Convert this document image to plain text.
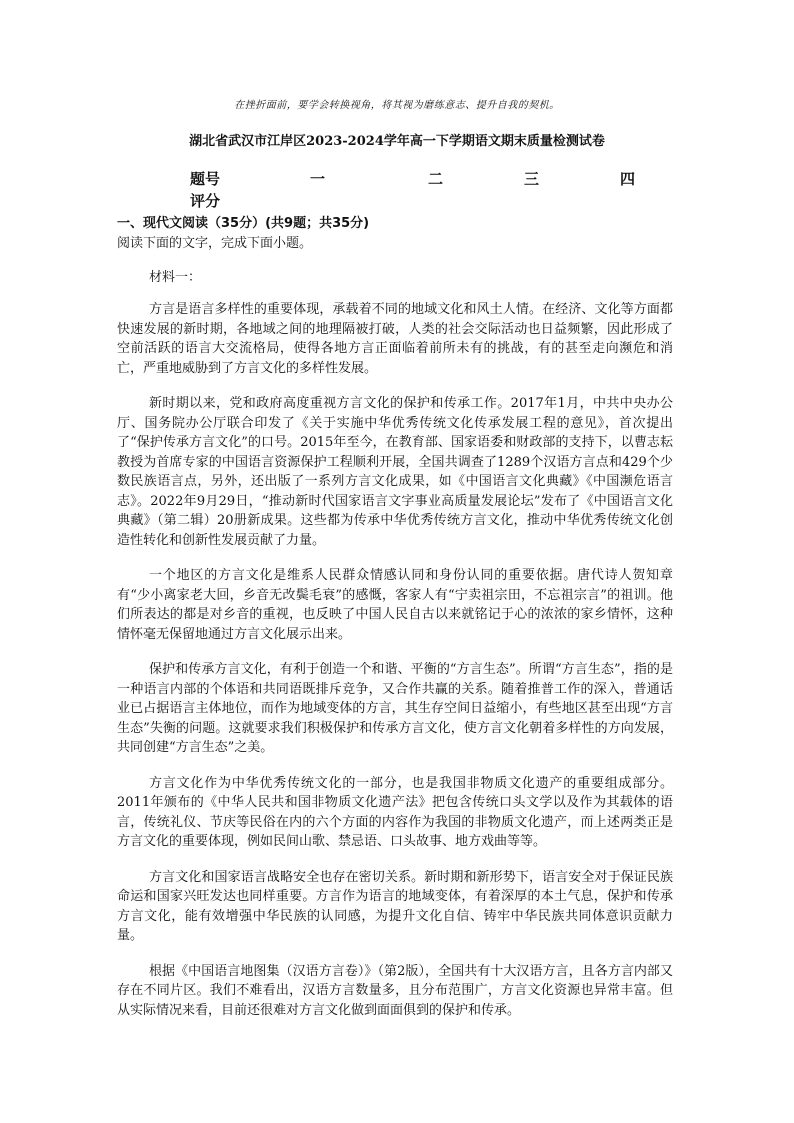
在挫折面前，要学会转换视角，将其视为磨练意志、提升自我的契机。
湖北省武汉市江岸区2023-2024学年高一下学期语文期末质量检测试卷
题号	一	二	三	四
评分
一、现代文阅读（35分）(共9题；共35分)
阅读下面的文字，完成下面小题。
材料一：

方言是语言多样性的重要体现，承载着不同的地域文化和风土人情。在经济、文化等方面都快速发展的新时期，各地域之间的地理隔被打破，人类的社会交际活动也日益频繁，因此形成了空前活跃的语言大交流格局，使得各地方言正面临着前所未有的挑战，有的甚至走向濒危和消亡，严重地威胁到了方言文化的多样性发展。

新时期以来，党和政府高度重视方言文化的保护和传承工作。2017年1月，中共中央办公厅、国务院办公厅联合印发了《关于实施中华优秀传统文化传承发展工程的意见》，首次提出了“保护传承方言文化”的口号。2015年至今，在教育部、国家语委和财政部的支持下，以曹志耘教授为首席专家的中国语言资源保护工程顺利开展，全国共调查了1289个汉语方言点和429个少数民族语言点，另外，还出版了一系列方言文化成果，如《中国语言文化典藏》《中国濒危语言志》。2022年9月29日，“推动新时代国家语言文字事业高质量发展论坛”发布了《中国语言文化典藏》（第二辑）20册新成果。这些都为传承中华优秀传统方言文化，推动中华优秀传统文化创造性转化和创新性发展贡献了力量。

一个地区的方言文化是维系人民群众情感认同和身份认同的重要依据。唐代诗人贺知章有“少小离家老大回，乡音无改鬓毛衰”的感慨，客家人有“宁卖祖宗田，不忘祖宗言”的祖训。他们所表达的都是对乡音的重视，也反映了中国人民自古以来就铭记于心的浓浓的家乡情怀，这种情怀毫无保留地通过方言文化展示出来。

保护和传承方言文化，有利于创造一个和谐、平衡的“方言生态”。所谓“方言生态”，指的是一种语言内部的个体语和共同语既排斥竞争，又合作共赢的关系。随着推普工作的深入，普通话业已占据语言主体地位，而作为地域变体的方言，其生存空间日益缩小，有些地区甚至出现“方言生态”失衡的问题。这就要求我们积极保护和传承方言文化，使方言文化朝着多样性的方向发展，共同创建“方言生态”之美。

方言文化作为中华优秀传统文化的一部分，也是我国非物质文化遗产的重要组成部分。2011年颁布的《中华人民共和国非物质文化遗产法》把包含传统口头文学以及作为其载体的语言，传统礼仪、节庆等民俗在内的六个方面的内容作为我国的非物质文化遗产，而上述两类正是方言文化的重要体现，例如民间山歌、禁忌语、口头故事、地方戏曲等等。

方言文化和国家语言战略安全也存在密切关系。新时期和新形势下，语言安全对于保证民族命运和国家兴旺发达也同样重要。方言作为语言的地域变体，有着深厚的本土气息，保护和传承方言文化，能有效增强中华民族的认同感，为提升文化自信、铸牢中华民族共同体意识贡献力量。

根据《中国语言地图集（汉语方言卷）》（第2版），全国共有十大汉语方言，且各方言内部又存在不同片区。我们不难看出，汉语方言数量多，且分布范围广，方言文化资源也异常丰富。但从实际情况来看，目前还很难对方言文化做到面面俱到的保护和传承。
